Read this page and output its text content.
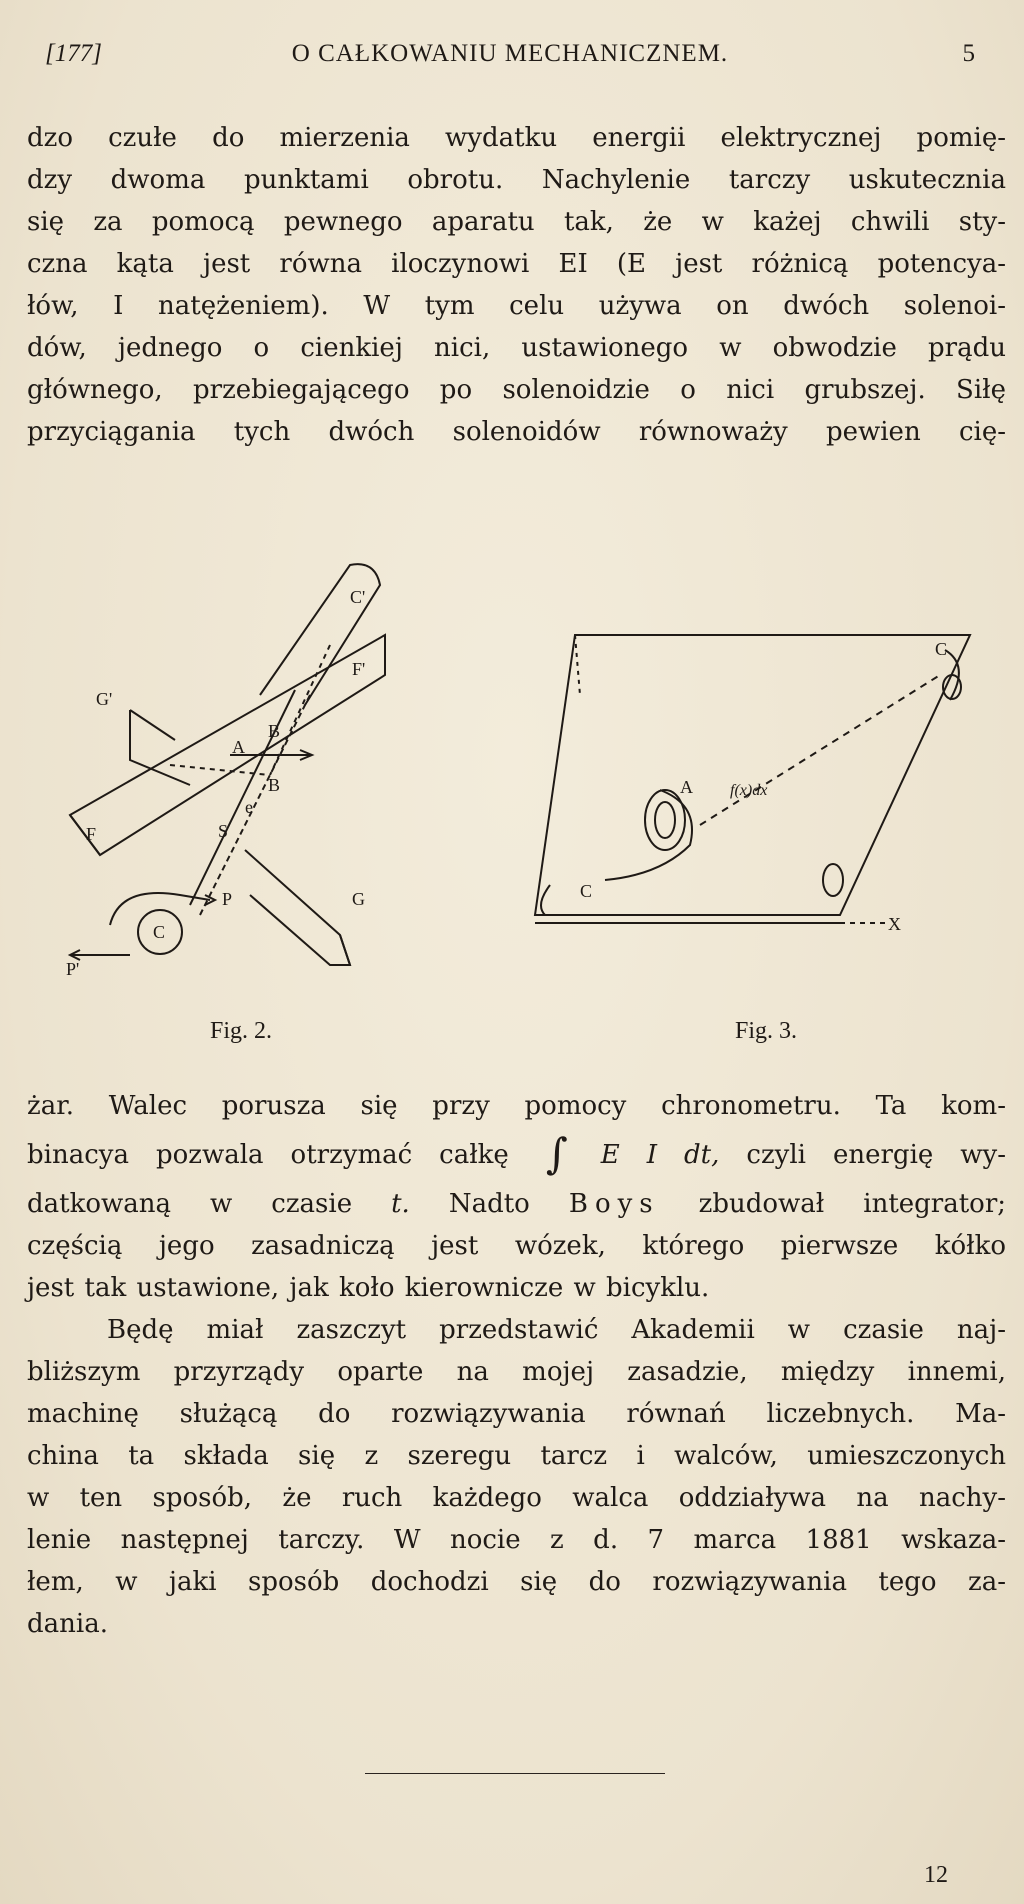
[177]	O CAŁKOWANIU MECHANICZNEM.	5
dzo czułe do mierzenia wydatku energii elektrycznej pomię-
dzy dwoma punktami obrotu. Nachylenie tarczy uskutecznia
się za pomocą pewnego aparatu tak, że w każej chwili sty-
czna kąta jest równa iloczynowi EI (E jest różnicą potencya-
łów, I natężeniem). W tym celu używa on dwóch solenoi-
dów, jednego o cienkiej nici, ustawionego w obwodzie prądu
głównego, przebiegającego po solenoidzie o nici grubszej. Siłę
przyciągania tych dwóch solenoidów równoważy pewien cię-
C'
F'
G'
B
A
B
e
S
F
P	G
C
P'
C
A f(x)dx
C
X
Fig. 2.	Fig. 3.
żar. Walec porusza się przy pomocy chronometru. Ta kom-
binacya pozwala otrzymać całkę ∫ E I dt, czyli energię wy-
datkowaną w czasie t. Nadto Boys zbudował integrator;
częścią jego zasadniczą jest wózek, którego pierwsze kółko
jest tak ustawione, jak koło kierownicze w bicyklu.
Będę miał zaszczyt przedstawić Akademii w czasie naj-
bliższym przyrządy oparte na mojej zasadzie, między innemi,
machinę służącą do rozwiązywania równań liczebnych. Ma-
china ta składa się z szeregu tarcz i walców, umieszczonych
w ten sposób, że ruch każdego walca oddziaływa na nachy-
lenie następnej tarczy. W nocie z d. 7 marca 1881 wskaza-
łem, w jaki sposób dochodzi się do rozwiązywania tego za-
dania.
12
